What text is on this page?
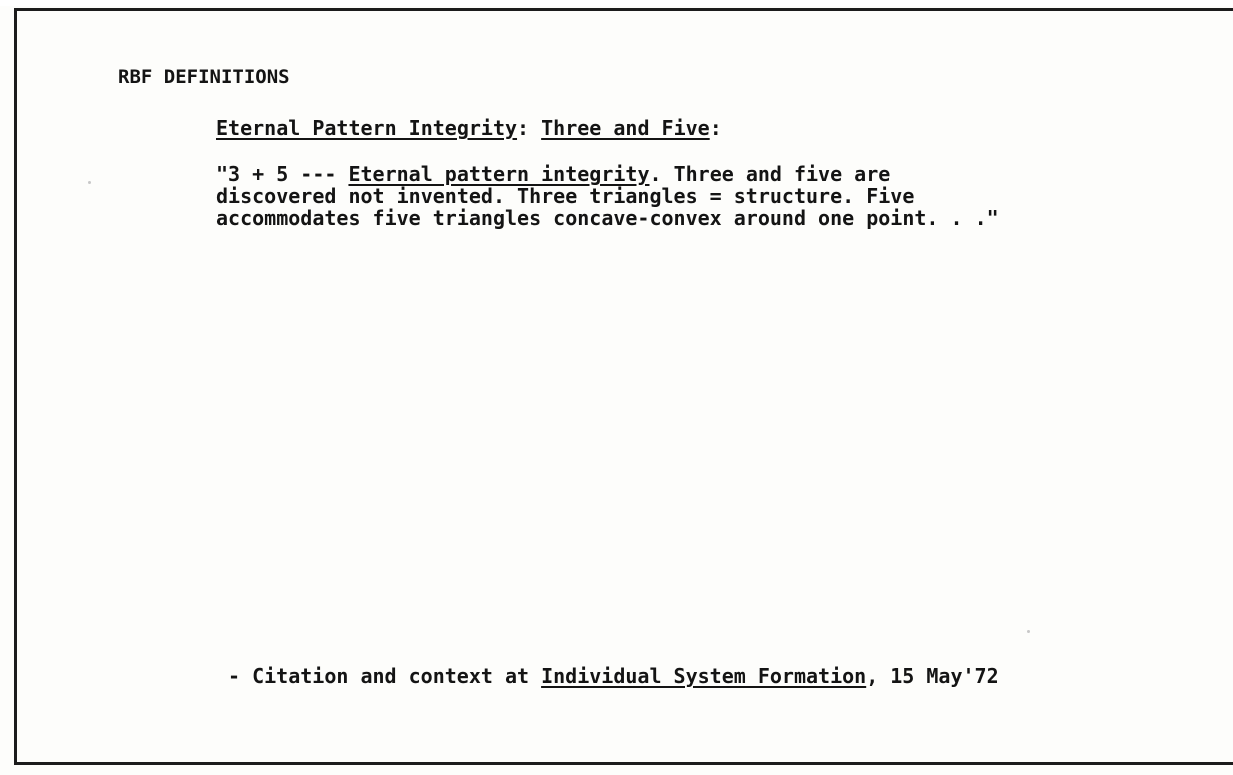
RBF DEFINITIONS
Eternal Pattern Integrity: Three and Five:
"3 + 5 --- Eternal pattern integrity. Three and five are
discovered not invented. Three triangles = structure. Five
accommodates five triangles concave-convex around one point. . ."
- Citation and context at Individual System Formation, 15 May'72
